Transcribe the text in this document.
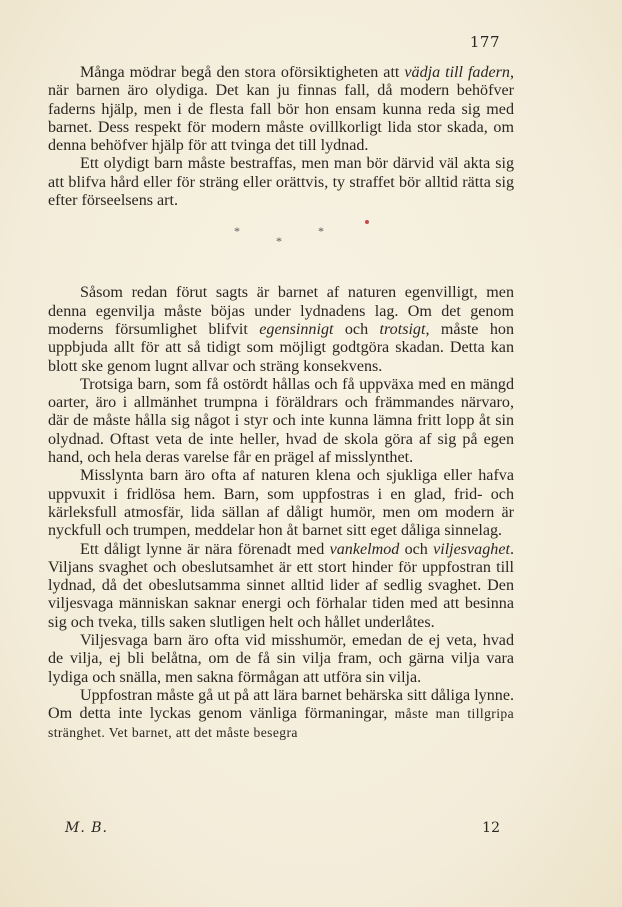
177

Många mödrar begå den stora oförsiktigheten att vädja till fadern, när barnen äro olydiga. Det kan ju finnas fall, då modern behöfver faderns hjälp, men i de flesta fall bör hon ensam kunna reda sig med barnet. Dess respekt för modern måste ovillkorligt lida stor skada, om denna behöfver hjälp för att tvinga det till lydnad.

Ett olydigt barn måste bestraffas, men man bör därvid väl akta sig att blifva hård eller för sträng eller orättvis, ty straffet bör alltid rätta sig efter förseelsens art.

*	*
*

Såsom redan förut sagts är barnet af naturen egenvilligt, men denna egenvilja måste böjas under lydnadens lag. Om det genom moderns försumlighet blifvit egensinnigt och trotsigt, måste hon uppbjuda allt för att så tidigt som möjligt godtgöra skadan. Detta kan blott ske genom lugnt allvar och sträng konsekvens.

Trotsiga barn, som få ostördt hållas och få uppväxa med en mängd oarter, äro i allmänhet trumpna i föräldrars och främmandes närvaro, där de måste hålla sig något i styr och inte kunna lämna fritt lopp åt sin olydnad. Oftast veta de inte heller, hvad de skola göra af sig på egen hand, och hela deras varelse får en prägel af misslynthet.

Misslynta barn äro ofta af naturen klena och sjukliga eller hafva uppvuxit i fridlösa hem. Barn, som uppfostras i en glad, frid- och kärleksfull atmosfär, lida sällan af dåligt humör, men om modern är nyckfull och trumpen, meddelar hon åt barnet sitt eget dåliga sinnelag.

Ett dåligt lynne är nära förenadt med vankelmod och viljesvaghet. Viljans svaghet och obeslutsamhet är ett stort hinder för uppfostran till lydnad, då det obeslutsamma sinnet alltid lider af sedlig svaghet. Den viljesvaga människan saknar energi och förhalar tiden med att besinna sig och tveka, tills saken slutligen helt och hållet underlåtes.

Viljesvaga barn äro ofta vid misshumör, emedan de ej veta, hvad de vilja, ej bli belåtna, om de få sin vilja fram, och gärna vilja vara lydiga och snälla, men sakna förmågan att utföra sin vilja.

Uppfostran måste gå ut på att lära barnet behärska sitt dåliga lynne. Om detta inte lyckas genom vänliga förmaningar, måste man tillgripa stränghet. Vet barnet, att det måste besegra

M. B.	12
